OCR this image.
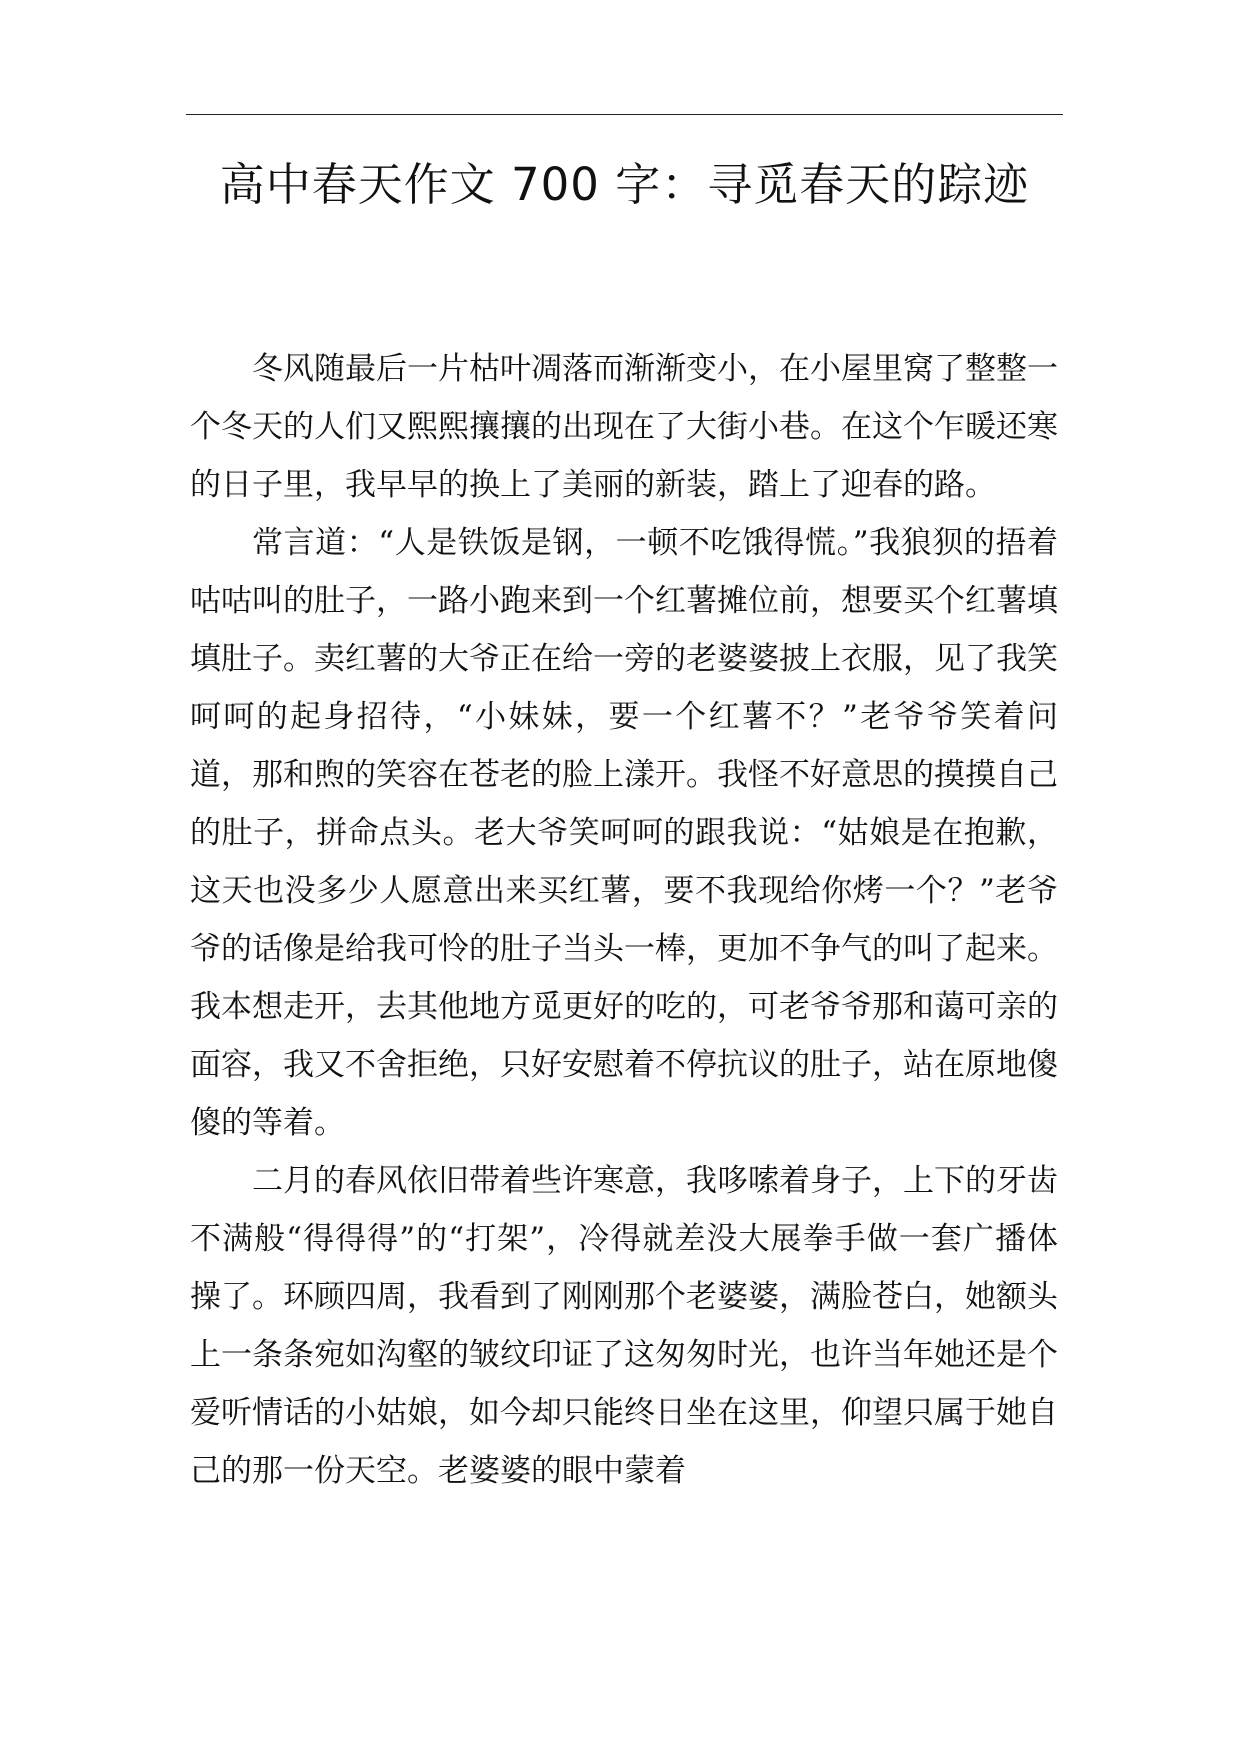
高中春天作文 700 字：寻觅春天的踪迹

冬风随最后一片枯叶凋落而渐渐变小，在小屋里窝了整整一个冬天的人们又熙熙攘攘的出现在了大街小巷。在这个乍暖还寒的日子里，我早早的换上了美丽的新装，踏上了迎春的路。

常言道：“人是铁饭是钢，一顿不吃饿得慌。”我狼狈的捂着咕咕叫的肚子，一路小跑来到一个红薯摊位前，想要买个红薯填填肚子。卖红薯的大爷正在给一旁的老婆婆披上衣服，见了我笑呵呵的起身招待，“小妹妹，要一个红薯不？”老爷爷笑着问道，那和煦的笑容在苍老的脸上漾开。我怪不好意思的摸摸自己的肚子，拼命点头。老大爷笑呵呵的跟我说：“姑娘是在抱歉，这天也没多少人愿意出来买红薯，要不我现给你烤一个？”老爷爷的话像是给我可怜的肚子当头一棒，更加不争气的叫了起来。我本想走开，去其他地方觅更好的吃的，可老爷爷那和蔼可亲的面容，我又不舍拒绝，只好安慰着不停抗议的肚子，站在原地傻傻的等着。

二月的春风依旧带着些许寒意，我哆嗦着身子，上下的牙齿不满般“得得得”的“打架”，冷得就差没大展拳手做一套广播体操了。环顾四周，我看到了刚刚那个老婆婆，满脸苍白，她额头上一条条宛如沟壑的皱纹印证了这匆匆时光，也许当年她还是个爱听情话的小姑娘，如今却只能终日坐在这里，仰望只属于她自己的那一份天空。老婆婆的眼中蒙着
